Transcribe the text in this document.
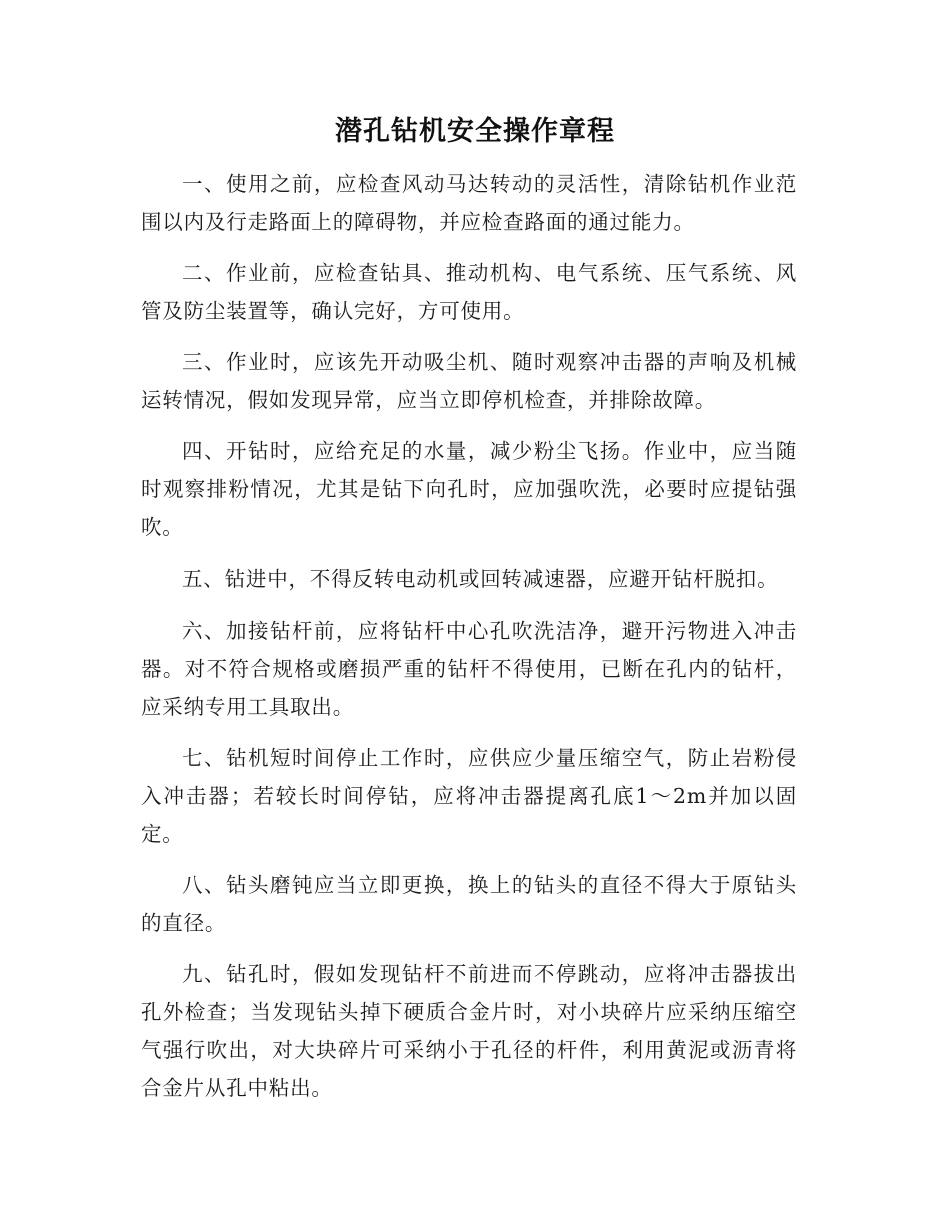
潜孔钻机安全操作章程

一、使用之前，应检查风动马达转动的灵活性，清除钻机作业范围以内及行走路面上的障碍物，并应检查路面的通过能力。

二、作业前，应检查钻具、推动机构、电气系统、压气系统、风管及防尘装置等，确认完好，方可使用。

三、作业时，应该先开动吸尘机、随时观察冲击器的声响及机械运转情况，假如发现异常，应当立即停机检查，并排除故障。

四、开钻时，应给充足的水量，减少粉尘飞扬。作业中，应当随时观察排粉情况，尤其是钻下向孔时，应加强吹洗，必要时应提钻强吹。

五、钻进中，不得反转电动机或回转减速器，应避开钻杆脱扣。

六、加接钻杆前，应将钻杆中心孔吹洗洁净，避开污物进入冲击器。对不符合规格或磨损严重的钻杆不得使用，已断在孔内的钻杆，应采纳专用工具取出。

七、钻机短时间停止工作时，应供应少量压缩空气，防止岩粉侵入冲击器；若较长时间停钻，应将冲击器提离孔底1～2m并加以固定。

八、钻头磨钝应当立即更换，换上的钻头的直径不得大于原钻头的直径。

九、钻孔时，假如发现钻杆不前进而不停跳动，应将冲击器拔出孔外检查；当发现钻头掉下硬质合金片时，对小块碎片应采纳压缩空气强行吹出，对大块碎片可采纳小于孔径的杆件，利用黄泥或沥青将合金片从孔中粘出。
